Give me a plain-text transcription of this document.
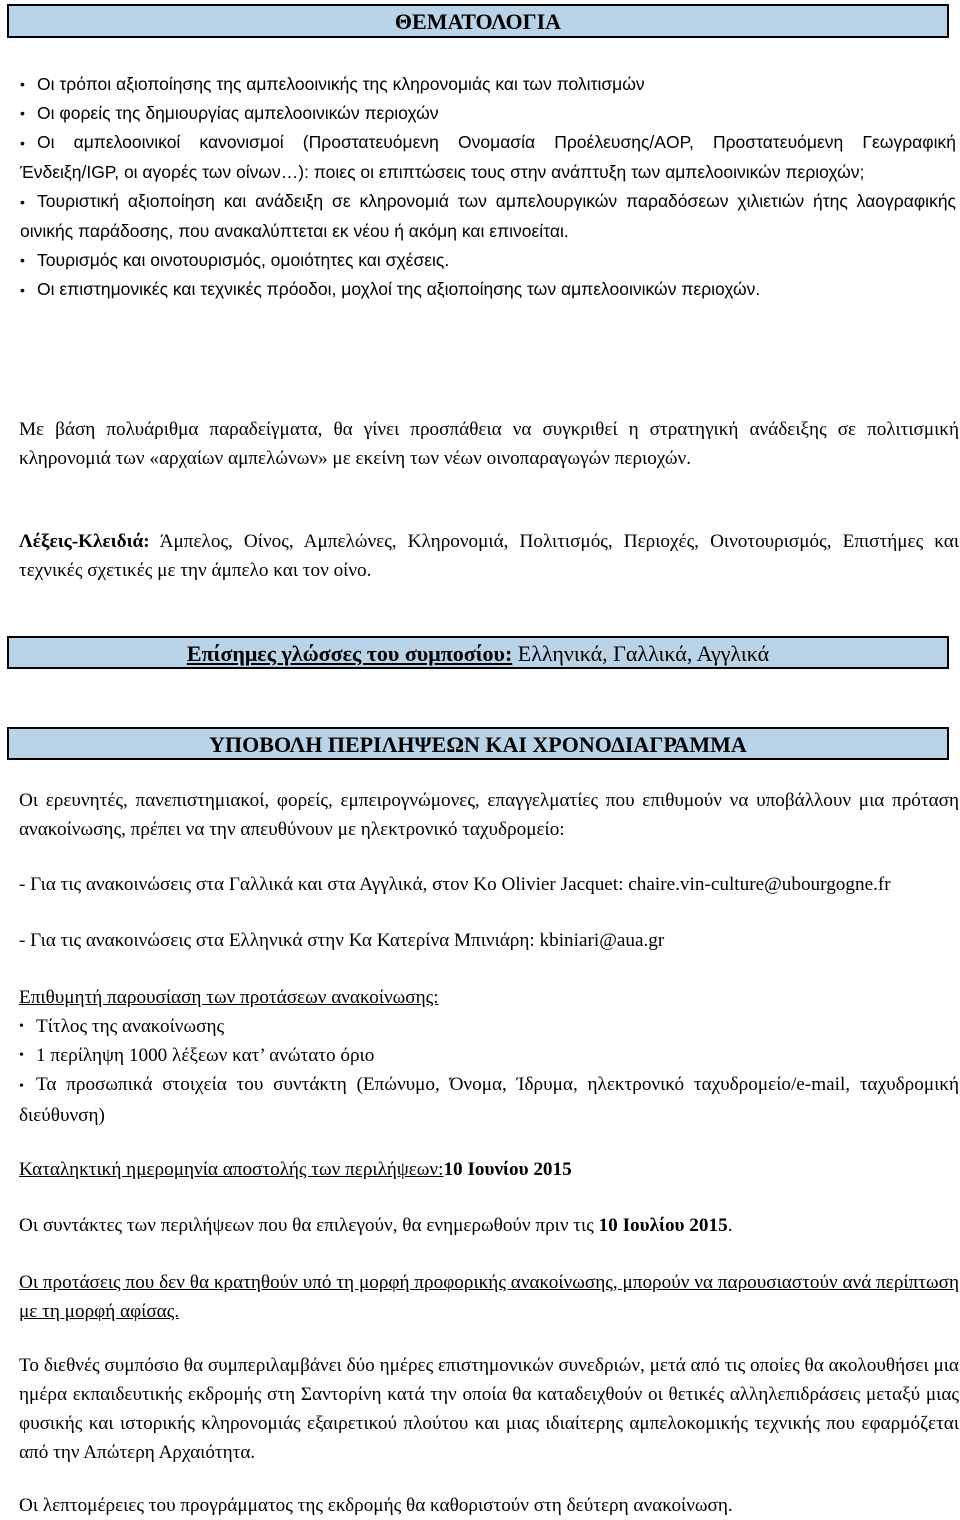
ΘΕΜΑΤΟΛΟΓΙΑ
• Οι τρόποι αξιοποίησης της αμπελοοινικής της κληρονομιάς και των πολιτισμών
• Οι φορείς της δημιουργίας αμπελοοινικών περιοχών
• Οι αμπελοοινικοί κανονισμοί (Προστατευόμενη Ονομασία Προέλευσης/AOP, Προστατευόμενη Γεωγραφική Ένδειξη/IGP, οι αγορές των οίνων…): ποιες οι επιπτώσεις τους στην ανάπτυξη των αμπελοοινικών περιοχών;
• Τουριστική αξιοποίηση και ανάδειξη σε κληρονομιά των αμπελουργικών παραδόσεων χιλιετιών ήτης λαογραφικής οινικής παράδοσης, που ανακαλύπτεται εκ νέου ή ακόμη και επινοείται.
• Τουρισμός και οινοτουρισμός, ομοιότητες και σχέσεις.
• Οι επιστημονικές και τεχνικές πρόοδοι, μοχλοί της αξιοποίησης των αμπελοοινικών περιοχών.
Με βάση πολυάριθμα παραδείγματα, θα γίνει προσπάθεια να συγκριθεί η στρατηγική ανάδειξης σε πολιτισμική κληρονομιά των «αρχαίων αμπελώνων» με εκείνη των νέων οινοπαραγωγών περιοχών.
Λέξεις-Κλειδιά: Άμπελος, Οίνος, Αμπελώνες, Κληρονομιά, Πολιτισμός, Περιοχές, Οινοτουρισμός, Επιστήμες και τεχνικές σχετικές με την άμπελο και τον οίνο.
Επίσημες γλώσσες του συμποσίου: Ελληνικά, Γαλλικά, Αγγλικά
ΥΠΟΒΟΛΗ ΠΕΡΙΛΗΨΕΩΝ ΚΑΙ ΧΡΟΝΟΔΙΑΓΡΑΜΜΑ
Οι ερευνητές, πανεπιστημιακοί, φορείς, εμπειρογνώμονες, επαγγελματίες που επιθυμούν να υποβάλλουν μια πρόταση ανακοίνωσης, πρέπει να την απευθύνουν με ηλεκτρονικό ταχυδρομείο:
- Για τις ανακοινώσεις στα Γαλλικά και στα Αγγλικά, στον Κο Olivier Jacquet: chaire.vin-culture@ubourgogne.fr
- Για τις ανακοινώσεις στα Ελληνικά στην Κα Κατερίνα Μπινιάρη: kbiniari@aua.gr
Επιθυμητή παρουσίαση των προτάσεων ανακοίνωσης:
• Τίτλος της ανακοίνωσης
• 1 περίληψη 1000 λέξεων κατ’ ανώτατο όριο
• Τα προσωπικά στοιχεία του συντάκτη (Επώνυμο, Όνομα, Ίδρυμα, ηλεκτρονικό ταχυδρομείο/e-mail, ταχυδρομική διεύθυνση)
Καταληκτική ημερομηνία αποστολής των περιλήψεων:10 Ιουνίου 2015
Οι συντάκτες των περιλήψεων που θα επιλεγούν, θα ενημερωθούν πριν τις 10 Ιουλίου 2015.
Οι προτάσεις που δεν θα κρατηθούν υπό τη μορφή προφορικής ανακοίνωσης, μπορούν να παρουσιαστούν ανά περίπτωση με τη μορφή αφίσας.
Το διεθνές συμπόσιο θα συμπεριλαμβάνει δύο ημέρες επιστημονικών συνεδριών, μετά από τις οποίες θα ακολουθήσει μια ημέρα εκπαιδευτικής εκδρομής στη Σαντορίνη κατά την οποία θα καταδειχθούν οι θετικές αλληλεπιδράσεις μεταξύ μιας φυσικής και ιστορικής κληρονομιάς εξαιρετικού πλούτου και μιας ιδιαίτερης αμπελοκομικής τεχνικής που εφαρμόζεται από την Απώτερη Αρχαιότητα.
Οι λεπτομέρειες του προγράμματος της εκδρομής θα καθοριστούν στη δεύτερη ανακοίνωση.
